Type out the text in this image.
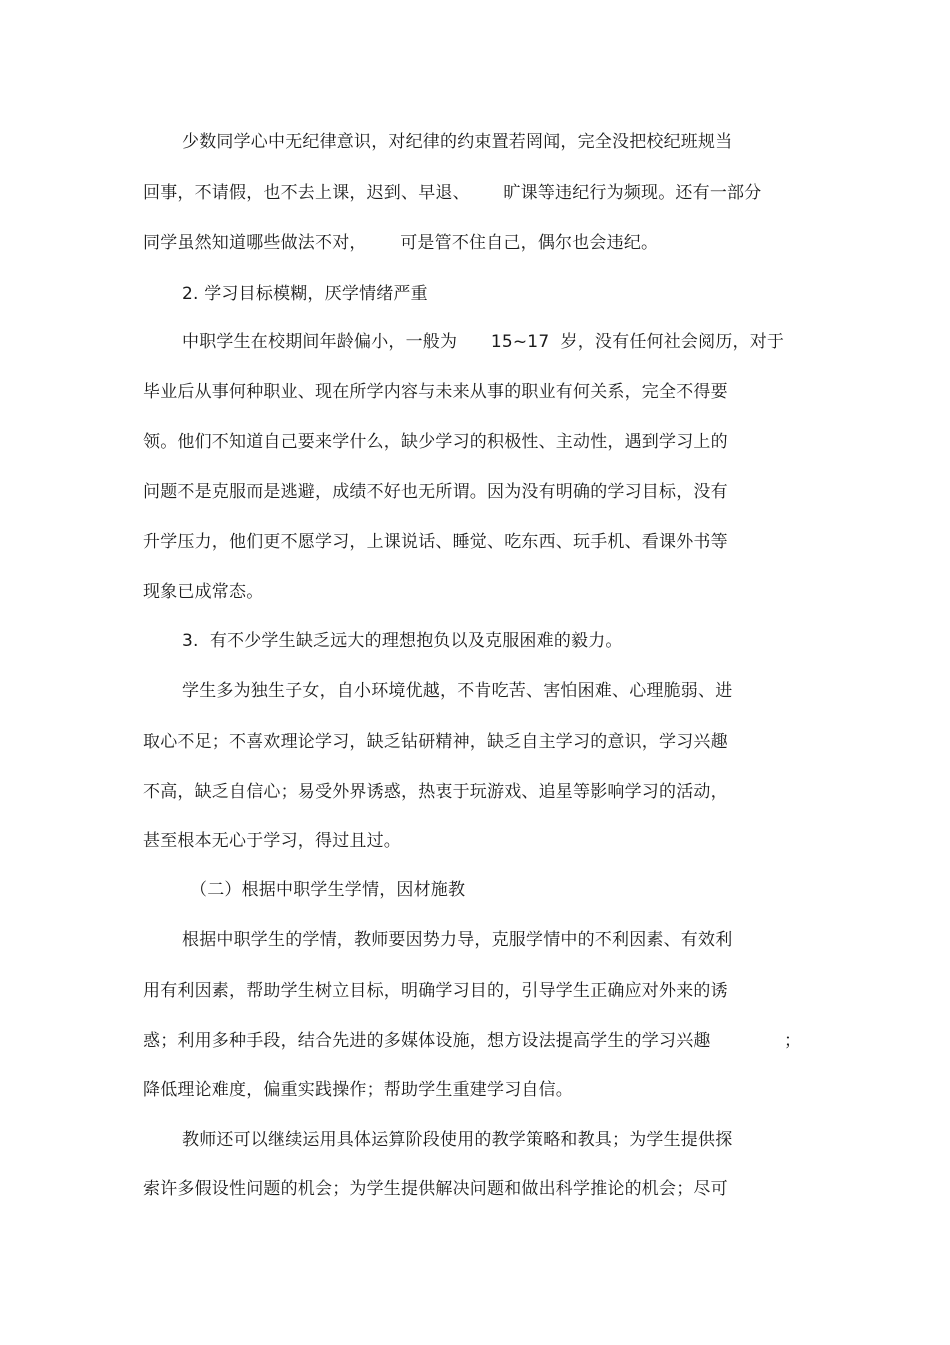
少数同学心中无纪律意识，对纪律的约束置若罔闻，完全没把校纪班规当
回事，不请假，也不去上课，迟到、早退、      旷课等违纪行为频现。还有一部分
同学虽然知道哪些做法不对，      可是管不住自己，偶尔也会违纪。
2. 学习目标模糊，厌学情绪严重
中职学生在校期间年龄偏小，一般为      15~17  岁，没有任何社会阅历，对于
毕业后从事何种职业、现在所学内容与未来从事的职业有何关系，完全不得要
领。他们不知道自己要来学什么，缺少学习的积极性、主动性，遇到学习上的
问题不是克服而是逃避，成绩不好也无所谓。因为没有明确的学习目标，没有
升学压力，他们更不愿学习，上课说话、睡觉、吃东西、玩手机、看课外书等
现象已成常态。
3.  有不少学生缺乏远大的理想抱负以及克服困难的毅力。
学生多为独生子女，自小环境优越，不肯吃苦、害怕困难、心理脆弱、进
取心不足；不喜欢理论学习，缺乏钻研精神，缺乏自主学习的意识，学习兴趣
不高，缺乏自信心；易受外界诱惑，热衷于玩游戏、追星等影响学习的活动，
甚至根本无心于学习，得过且过。
（二）根据中职学生学情，因材施教
根据中职学生的学情，教师要因势力导，克服学情中的不利因素、有效利
用有利因素，帮助学生树立目标，明确学习目的，引导学生正确应对外来的诱
惑；利用多种手段，结合先进的多媒体设施，想方设法提高学生的学习兴趣	；
降低理论难度，偏重实践操作；帮助学生重建学习自信。
教师还可以继续运用具体运算阶段使用的教学策略和教具；为学生提供探
索许多假设性问题的机会；为学生提供解决问题和做出科学推论的机会；尽可
